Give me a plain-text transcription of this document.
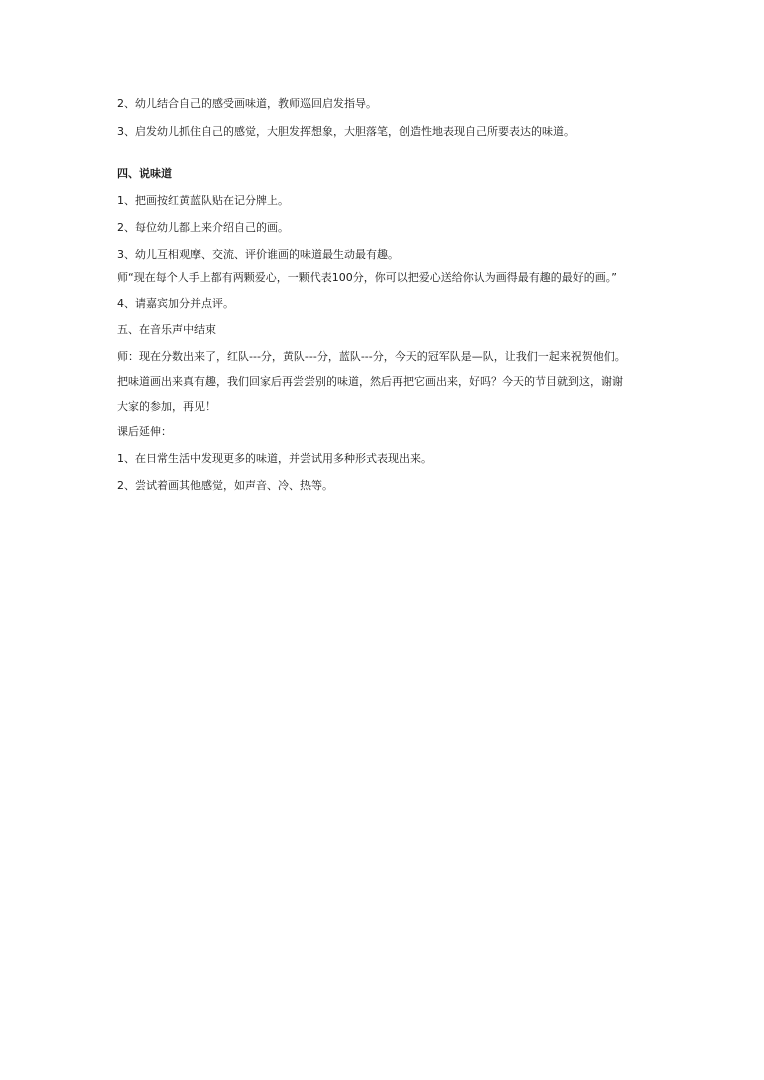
2、幼儿结合自己的感受画味道，教师巡回启发指导。

3、启发幼儿抓住自己的感觉，大胆发挥想象，大胆落笔，创造性地表现自己所要表达的味道。

四、说味道

1、把画按红黄蓝队贴在记分牌上。

2、每位幼儿都上来介绍自己的画。

3、幼儿互相观摩、交流、评价谁画的味道最生动最有趣。

师“现在每个人手上都有两颗爱心，一颗代表100分，你可以把爱心送给你认为画得最有趣的最好的画。”

4、请嘉宾加分并点评。

五、在音乐声中结束

师：现在分数出来了，红队---分，黄队---分，蓝队---分，今天的冠军队是—队，让我们一起来祝贺他们。

把味道画出来真有趣，我们回家后再尝尝别的味道，然后再把它画出来，好吗？今天的节目就到这，谢谢

大家的参加，再见！

课后延伸：

1、在日常生活中发现更多的味道，并尝试用多种形式表现出来。

2、尝试着画其他感觉，如声音、冷、热等。
